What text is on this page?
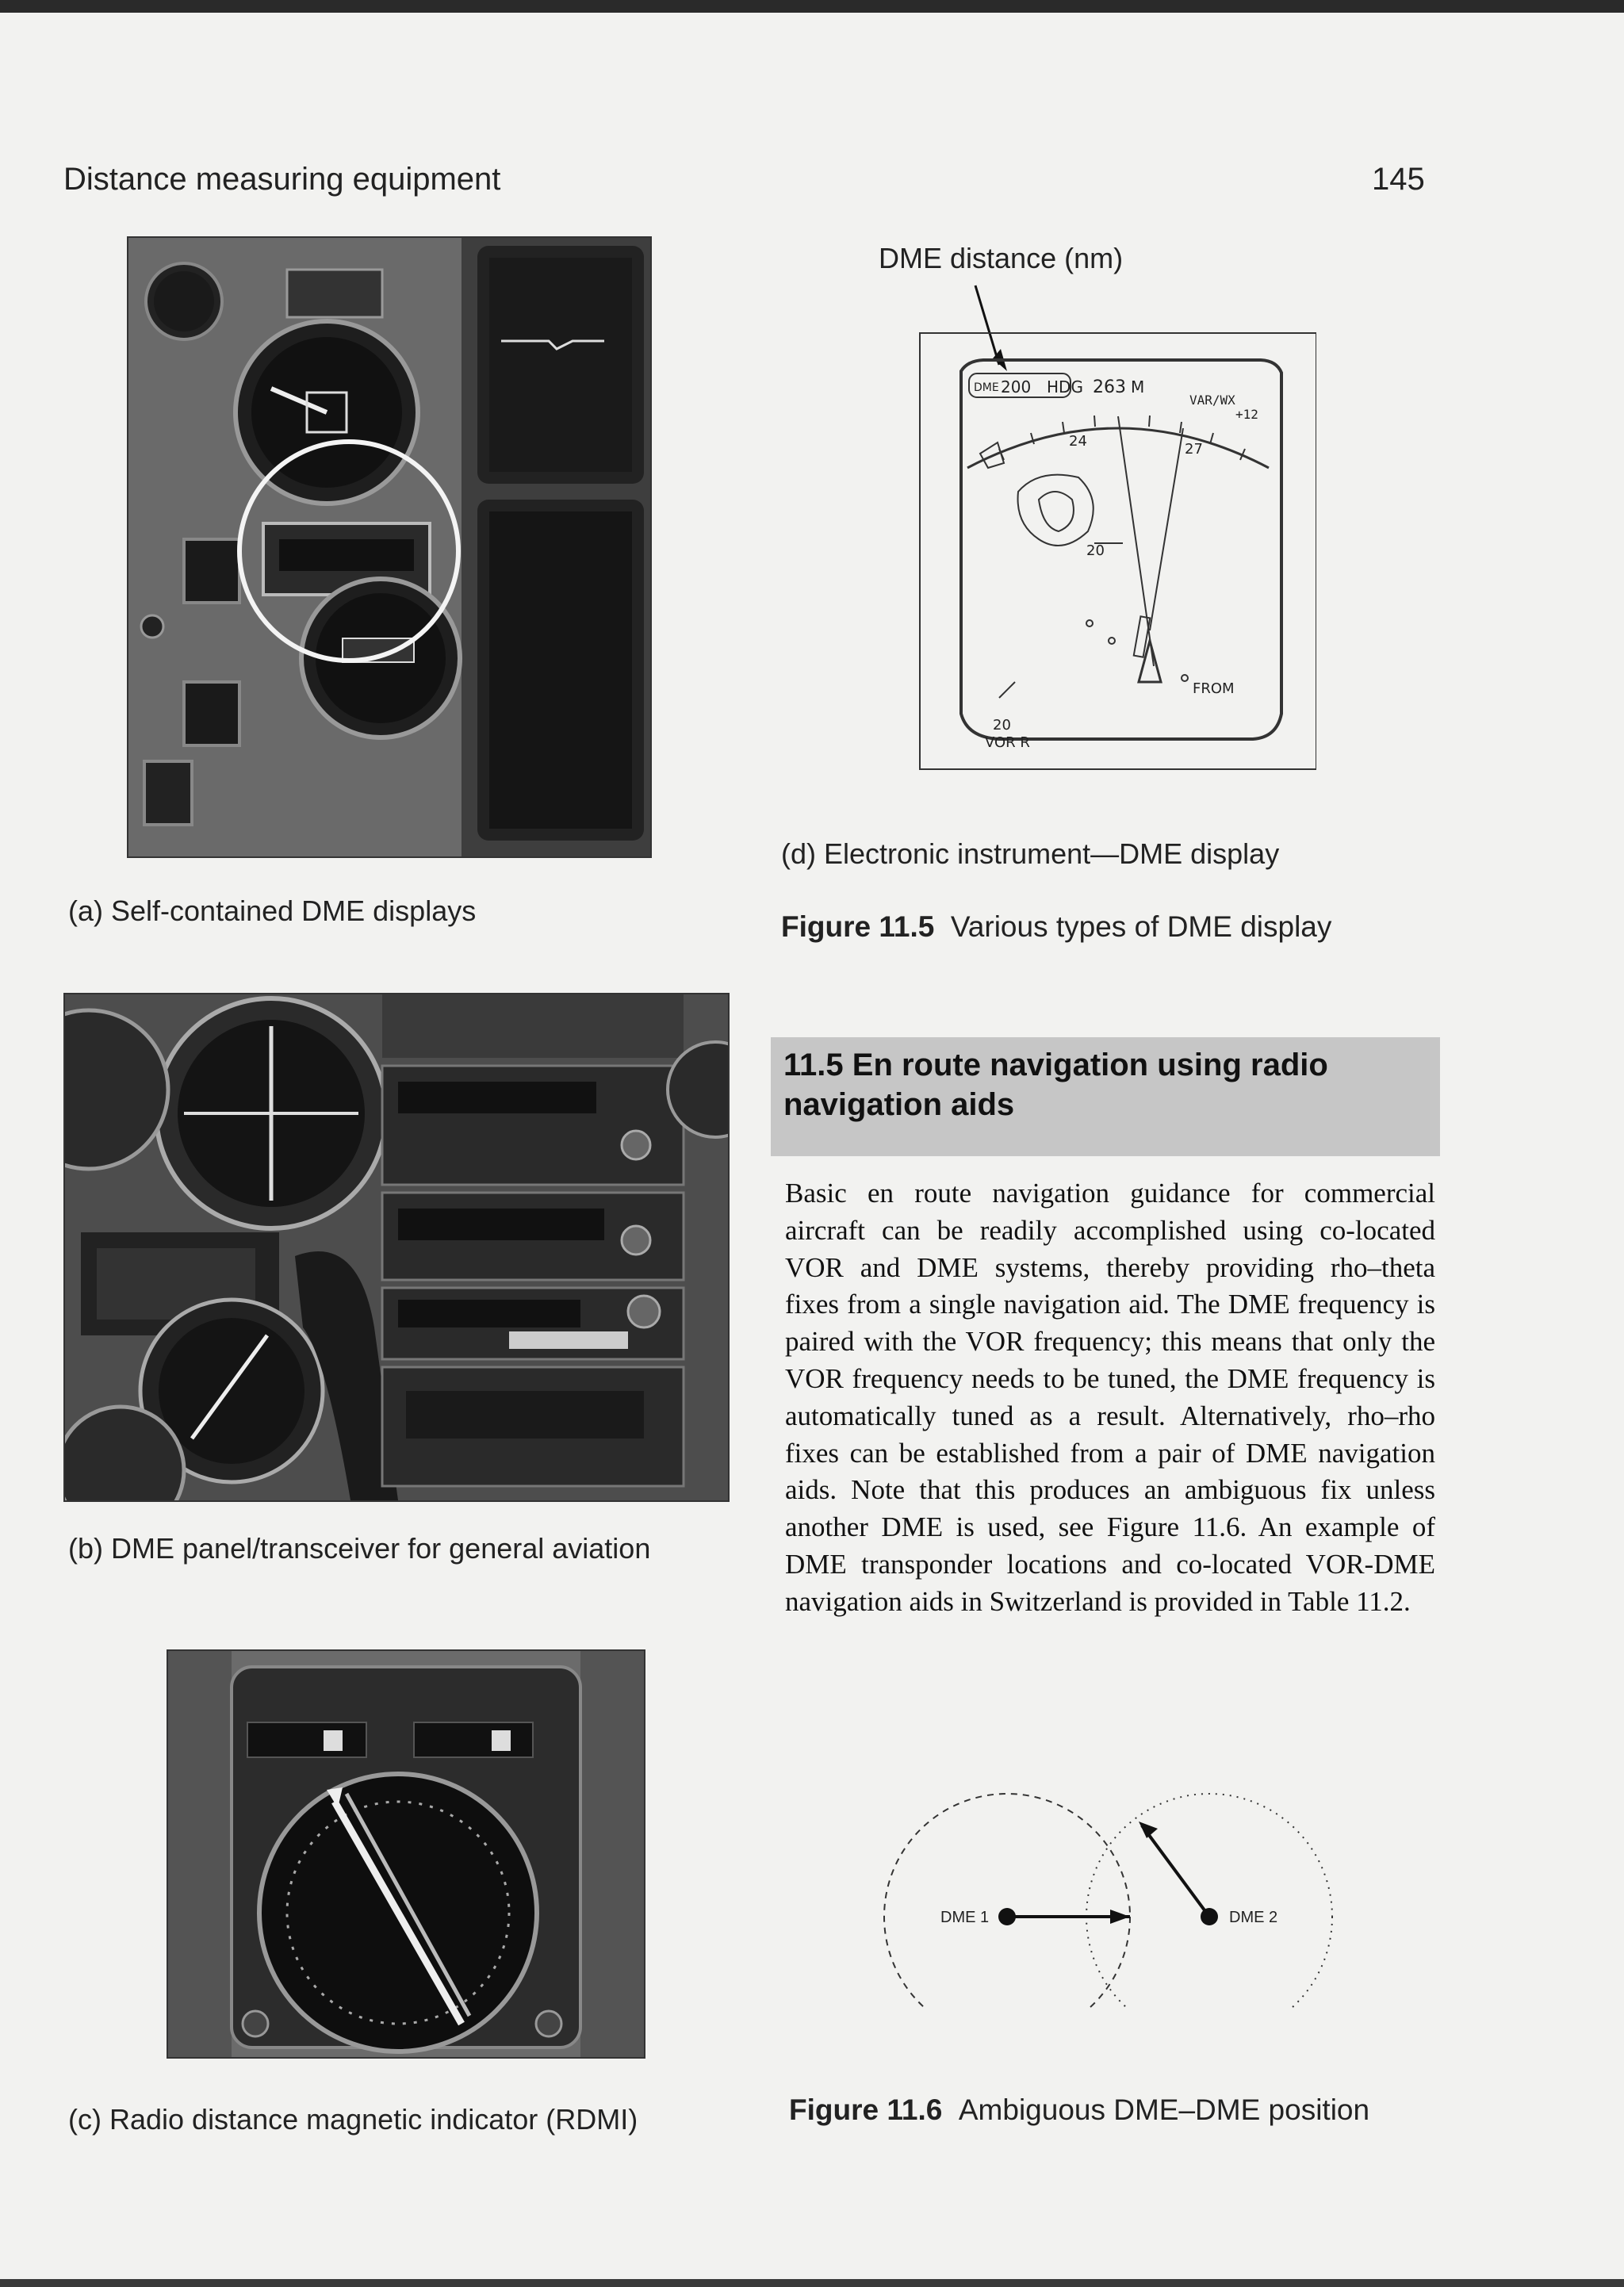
Distance measuring equipment	145
(a) Self-contained DME displays
DME distance (nm)
DME 200 HDG 263 M
VAR/WX
+12
24	27
20
FROM
20
VOR R
(d) Electronic instrument—DME display
Figure 11.5 Various types of DME display
(b) DME panel/transceiver for general aviation
(c) Radio distance magnetic indicator (RDMI)
11.5 En route navigation using radio navigation aids
Basic en route navigation guidance for commercial aircraft can be readily accomplished using co-located VOR and DME systems, thereby providing rho–theta fixes from a single navigation aid. The DME frequency is paired with the VOR frequency; this means that only the VOR frequency needs to be tuned, the DME frequency is automatically tuned as a result. Alternatively, rho–rho fixes can be established from a pair of DME navigation aids. Note that this produces an ambiguous fix unless another DME is used, see Figure 11.6. An example of DME transponder locations and co-located VOR-DME navigation aids in Switzerland is provided in Table 11.2.
DME 1	DME 2
Figure 11.6 Ambiguous DME–DME position
